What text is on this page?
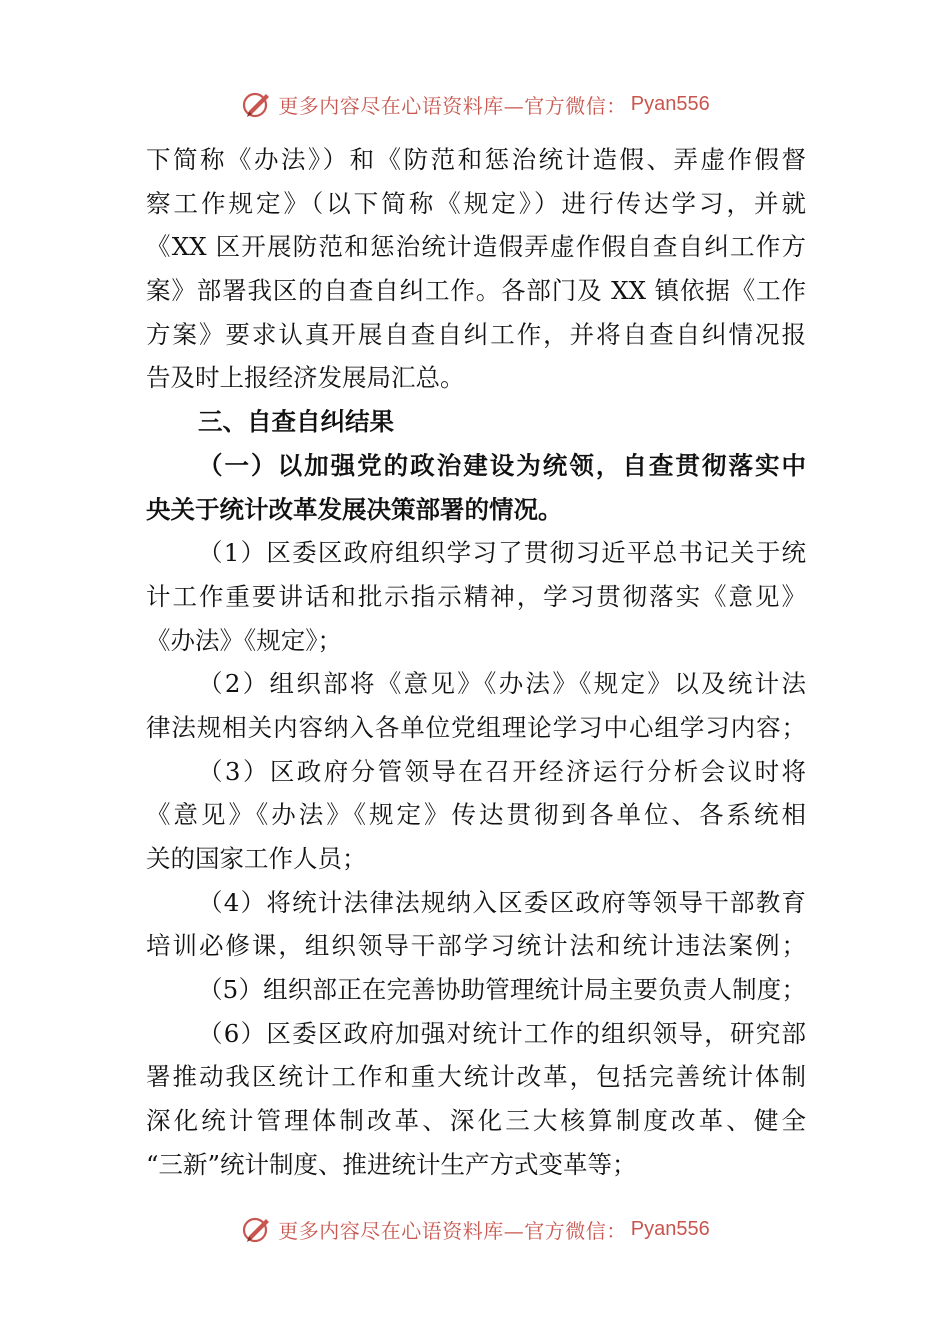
更多内容尽在心语资料库—官方微信： Pyan556
下简称《办法》）和《防范和惩治统计造假、弄虚作假督
察工作规定》（以下简称《规定》）进行传达学习，并就
《XX 区开展防范和惩治统计造假弄虚作假自查自纠工作方
案》部署我区的自查自纠工作。各部门及 XX 镇依据《工作
方案》要求认真开展自查自纠工作，并将自查自纠情况报
告及时上报经济发展局汇总。
三、自查自纠结果
（一）以加强党的政治建设为统领，自查贯彻落实中
央关于统计改革发展决策部署的情况。
（1）区委区政府组织学习了贯彻习近平总书记关于统
计工作重要讲话和批示指示精神，学习贯彻落实《意见》
《办法》《规定》；
（2）组织部将《意见》《办法》《规定》以及统计法
律法规相关内容纳入各单位党组理论学习中心组学习内容；
（3）区政府分管领导在召开经济运行分析会议时将
《意见》《办法》《规定》传达贯彻到各单位、各系统相
关的国家工作人员；
（4）将统计法律法规纳入区委区政府等领导干部教育
培训必修课，组织领导干部学习统计法和统计违法案例；
（5）组织部正在完善协助管理统计局主要负责人制度；
（6）区委区政府加强对统计工作的组织领导，研究部
署推动我区统计工作和重大统计改革，包括完善统计体制
深化统计管理体制改革、深化三大核算制度改革、健全
“三新”统计制度、推进统计生产方式变革等；
更多内容尽在心语资料库—官方微信： Pyan556
